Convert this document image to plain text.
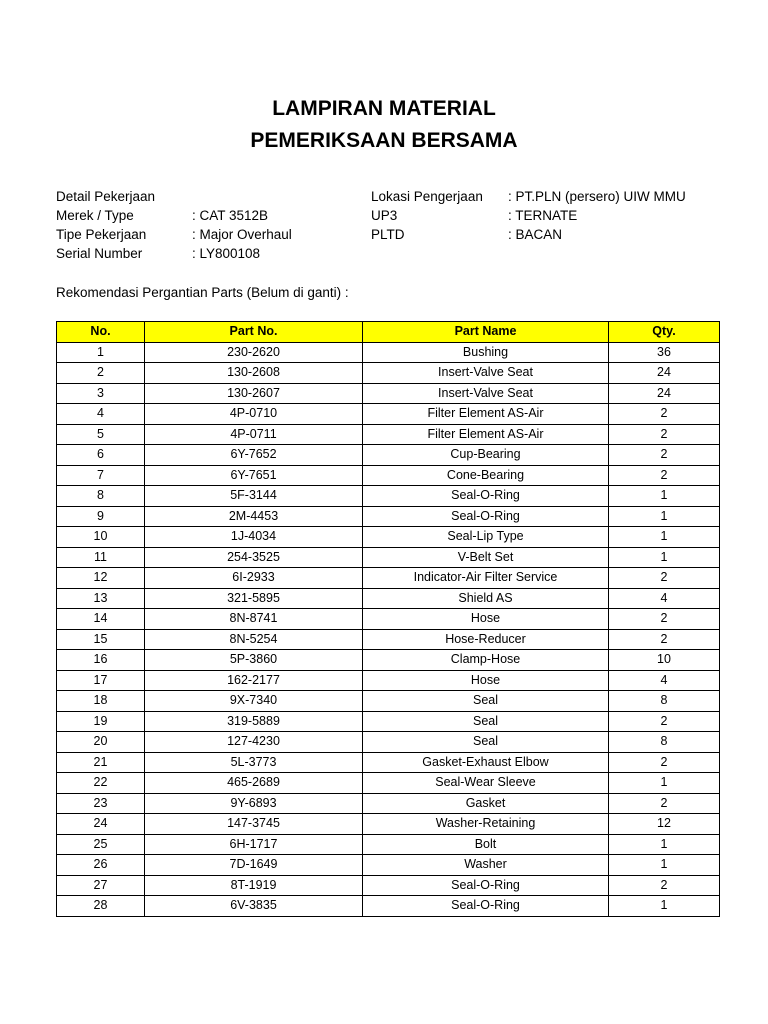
LAMPIRAN MATERIAL
PEMERIKSAAN BERSAMA
Detail Pekerjaan
Merek / Type	: CAT 3512B
Tipe Pekerjaan	: Major Overhaul
Serial Number	: LY800108
Lokasi Pengerjaan : PT.PLN (persero) UIW MMU
UP3	: TERNATE
PLTD	: BACAN
Rekomendasi Pergantian Parts (Belum di ganti) :
No.	Part No.	Part Name	Qty.
1	230-2620	Bushing	36
2	130-2608	Insert-Valve Seat	24
3	130-2607	Insert-Valve Seat	24
4	4P-0710	Filter Element AS-Air	2
5	4P-0711	Filter Element AS-Air	2
6	6Y-7652	Cup-Bearing	2
7	6Y-7651	Cone-Bearing	2
8	5F-3144	Seal-O-Ring	1
9	2M-4453	Seal-O-Ring	1
10	1J-4034	Seal-Lip Type	1
11	254-3525	V-Belt Set	1
12	6I-2933	Indicator-Air Filter Service	2
13	321-5895	Shield AS	4
14	8N-8741	Hose	2
15	8N-5254	Hose-Reducer	2
16	5P-3860	Clamp-Hose	10
17	162-2177	Hose	4
18	9X-7340	Seal	8
19	319-5889	Seal	2
20	127-4230	Seal	8
21	5L-3773	Gasket-Exhaust Elbow	2
22	465-2689	Seal-Wear Sleeve	1
23	9Y-6893	Gasket	2
24	147-3745	Washer-Retaining	12
25	6H-1717	Bolt	1
26	7D-1649	Washer	1
27	8T-1919	Seal-O-Ring	2
28	6V-3835	Seal-O-Ring	1
